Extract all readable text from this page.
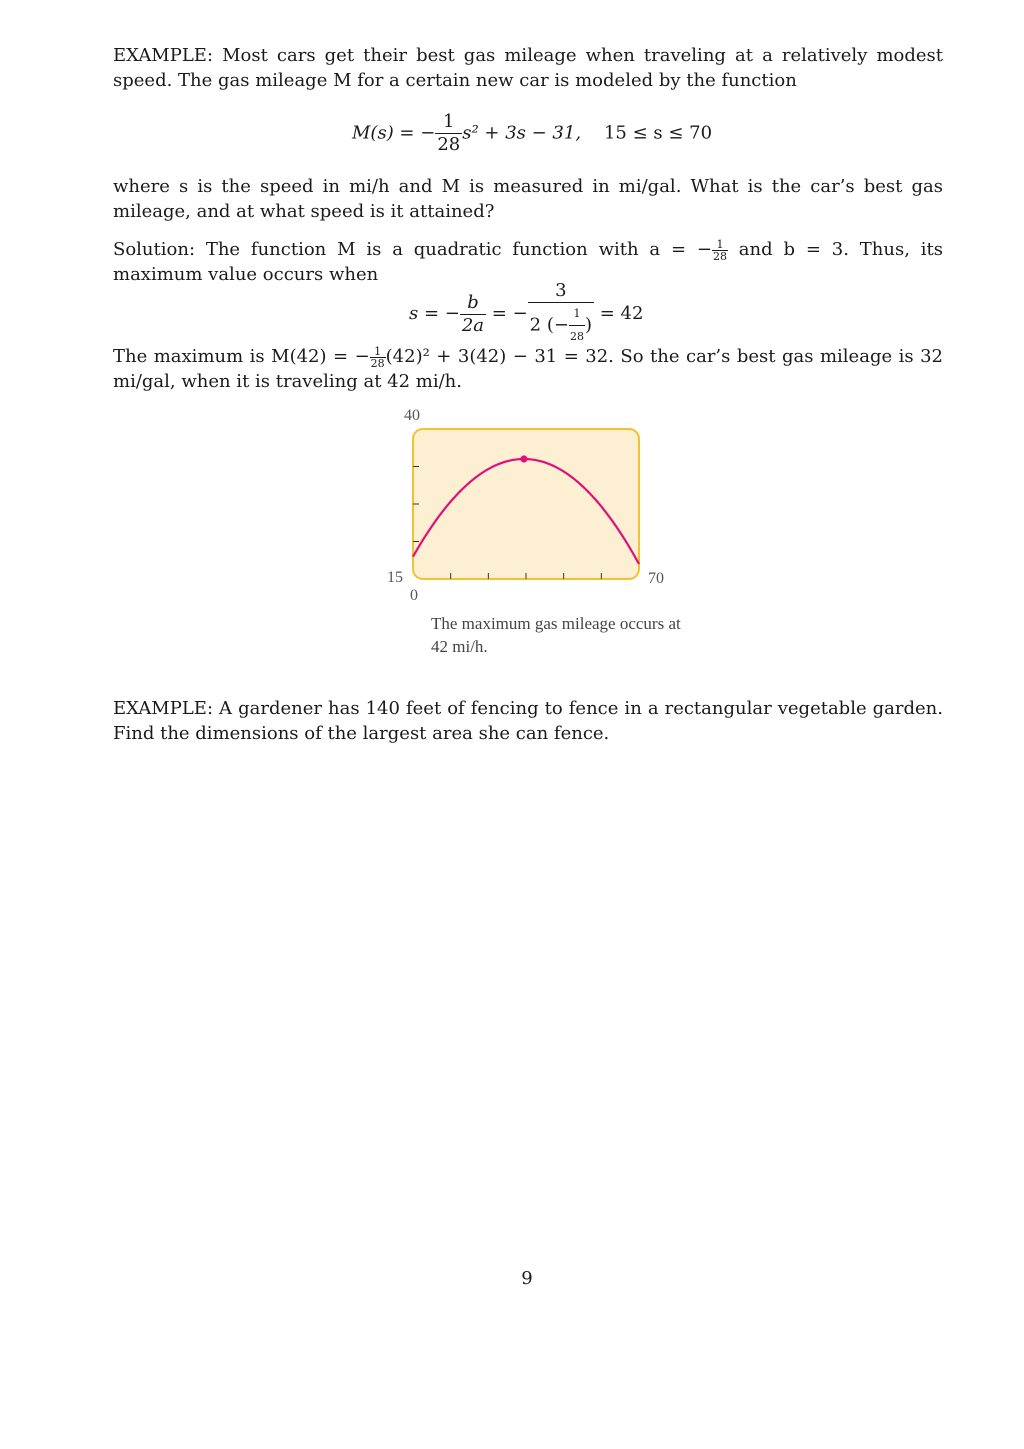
EXAMPLE: Most cars get their best gas mileage when traveling at a relatively modest speed. The gas mileage M for a certain new car is modeled by the function

M(s) = − $\frac{1}{28} s^2 + 3s - 31$, 15 ≤ s ≤ 70

where s is the speed in mi/h and M is measured in mi/gal. What is the car’s best gas mileage, and at what speed is it attained?

Solution: The function M is a quadratic function with a = − $\frac{1}{28}$ and b = 3. Thus, its maximum value occurs when

s = − $\frac{b}{2a}$ = − $\frac{3}{2 (- \frac{1}{28} )} = 42$

The maximum is M(42) = − $\frac{1}{28} (42)^2 + 3(42) - 31 = 32$. So the car’s best gas mileage is 32 mi/gal, when it is traveling at 42 mi/h.

40
15	70
0
The maximum gas mileage occurs at 42 mi/h.

EXAMPLE: A gardener has 140 feet of fencing to fence in a rectangular vegetable garden. Find the dimensions of the largest area she can fence.

9
